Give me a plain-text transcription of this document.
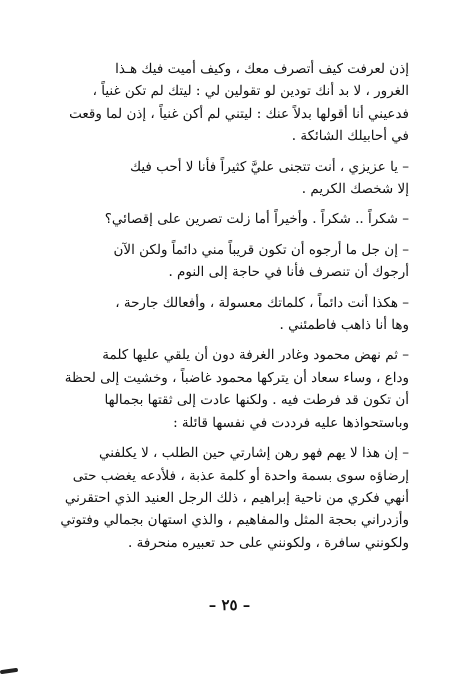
إذن لعرفت كيف أتصرف معك ، وكيف أميت فيك هـذا
الغرور ، لا بد أنك تودين لو تقولين لي : ليتك لم تكن غنياً ،
فدعيني أنا أقولها بدلاً عنك : ليتني لم أكن غنياً ، إذن لما وقعت
في أحابيلك الشائكة .

– يا عزيزي ، أنت تتجنى عليَّ كثيراً فأنا لا أحب فيك
إلا شخصك الكريم .

– شكراً .. شكراً . وأخيراً أما زلت تصرين على إقصائي؟

– إن جل ما أرجوه أن تكون قريباً مني دائماً ولكن الآن
أرجوك أن تنصرف فأنا في حاجة إلى النوم .

– هكذا أنت دائماً ، كلماتك معسولة ، وأفعالك جارحة ،
وها أنا ذاهب فاطمئني .

– ثم نهض محمود وغادر الغرفة دون أن يلقي عليها كلمة
وداع ، وساء سعاد أن يتركها محمود غاضباً ، وخشيت إلى لحظة
أن تكون قد فرطت فيه . ولكنها عادت إلى ثقتها بجمالها
وباستحواذها عليه فرددت في نفسها قائلة :

– إن هذا لا يهم فهو رهن إشارتي حين الطلب ، لا يكلفني
إرضاؤه سوى بسمة واحدة أو كلمة عذبة ، فلأدعه يغضب حتى
أنهي فكري من ناحية إبراهيم ، ذلك الرجل العنيد الذي احتقرني
وأزدراني بحجة المثل والمفاهيم ، والذي استهان بجمالي وفتوتي
ولكونني سافرة ، ولكونني على حد تعبيره منحرفة .

– ٢٥ –
